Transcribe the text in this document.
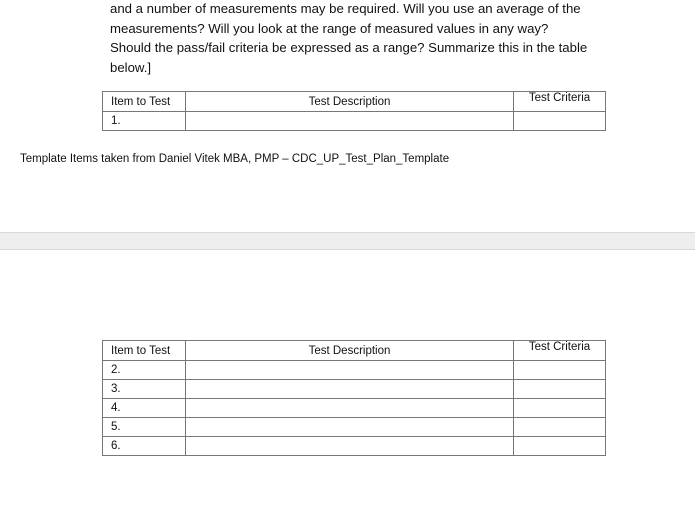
and a number of measurements may be required. Will you use an average of the
measurements? Will you look at the range of measured values in any way?
Should the pass/fail criteria be expressed as a range? Summarize this in the table
below.]
Item to Test	Test Description	Test Criteria
1.		
Template Items taken from Daniel Vitek MBA, PMP – CDC_UP_Test_Plan_Template
Item to Test	Test Description	Test Criteria
2.		
3.		
4.		
5.		
6.		
